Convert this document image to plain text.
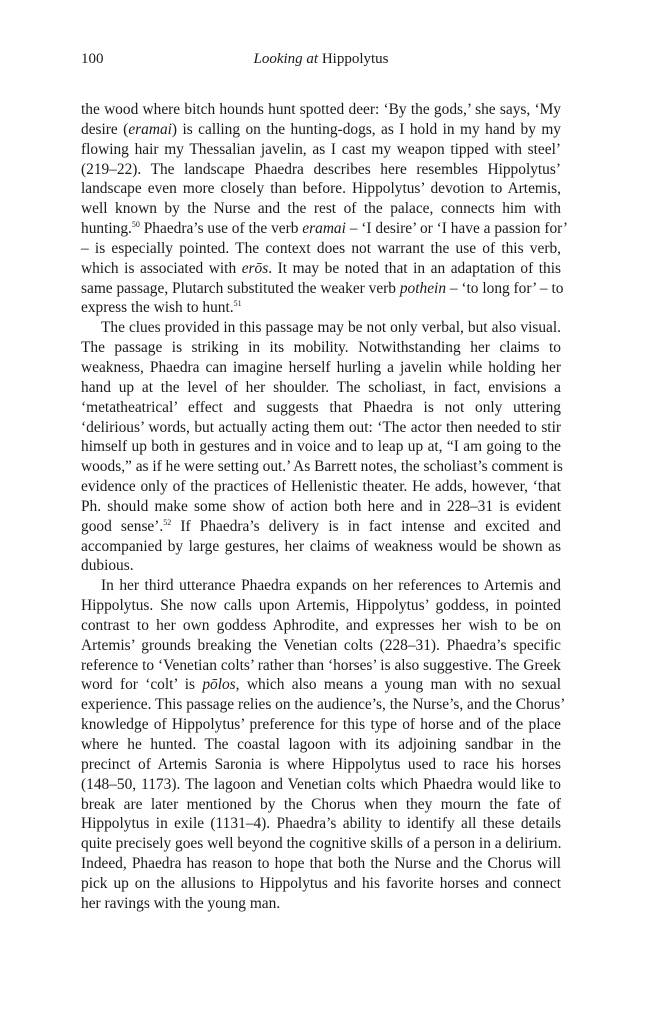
100	Looking at Hippolytus
the wood where bitch hounds hunt spotted deer: ‘By the gods,’ she says, ‘My
desire (eramai) is calling on the hunting-dogs, as I hold in my hand by my
flowing hair my Thessalian javelin, as I cast my weapon tipped with steel’
(219–22). The landscape Phaedra describes here resembles Hippolytus’
landscape even more closely than before. Hippolytus’ devotion to Artemis,
well known by the Nurse and the rest of the palace, connects him with
hunting.$^{50}$ Phaedra’s use of the verb eramai – ‘I desire’ or ‘I have a passion for’
– is especially pointed. The context does not warrant the use of this verb,
which is associated with erōs. It may be noted that in an adaptation of this
same passage, Plutarch substituted the weaker verb pothein – ‘to long for’ – to
express the wish to hunt.$^{51}$
The clues provided in this passage may be not only verbal, but also visual.
The passage is striking in its mobility. Notwithstanding her claims to
weakness, Phaedra can imagine herself hurling a javelin while holding her
hand up at the level of her shoulder. The scholiast, in fact, envisions a
‘metatheatrical’ effect and suggests that Phaedra is not only uttering
‘delirious’ words, but actually acting them out: ‘The actor then needed to stir
himself up both in gestures and in voice and to leap up at, “I am going to the
woods,” as if he were setting out.’ As Barrett notes, the scholiast’s comment is
evidence only of the practices of Hellenistic theater. He adds, however, ‘that
Ph. should make some show of action both here and in 228–31 is evident
good sense’.$^{52}$ If Phaedra’s delivery is in fact intense and excited and
accompanied by large gestures, her claims of weakness would be shown as
dubious.
In her third utterance Phaedra expands on her references to Artemis and
Hippolytus. She now calls upon Artemis, Hippolytus’ goddess, in pointed
contrast to her own goddess Aphrodite, and expresses her wish to be on
Artemis’ grounds breaking the Venetian colts (228–31). Phaedra’s specific
reference to ‘Venetian colts’ rather than ‘horses’ is also suggestive. The Greek
word for ‘colt’ is pōlos, which also means a young man with no sexual
experience. This passage relies on the audience’s, the Nurse’s, and the Chorus’
knowledge of Hippolytus’ preference for this type of horse and of the place
where he hunted. The coastal lagoon with its adjoining sandbar in the
precinct of Artemis Saronia is where Hippolytus used to race his horses
(148–50, 1173). The lagoon and Venetian colts which Phaedra would like to
break are later mentioned by the Chorus when they mourn the fate of
Hippolytus in exile (1131–4). Phaedra’s ability to identify all these details
quite precisely goes well beyond the cognitive skills of a person in a delirium.
Indeed, Phaedra has reason to hope that both the Nurse and the Chorus will
pick up on the allusions to Hippolytus and his favorite horses and connect
her ravings with the young man.
